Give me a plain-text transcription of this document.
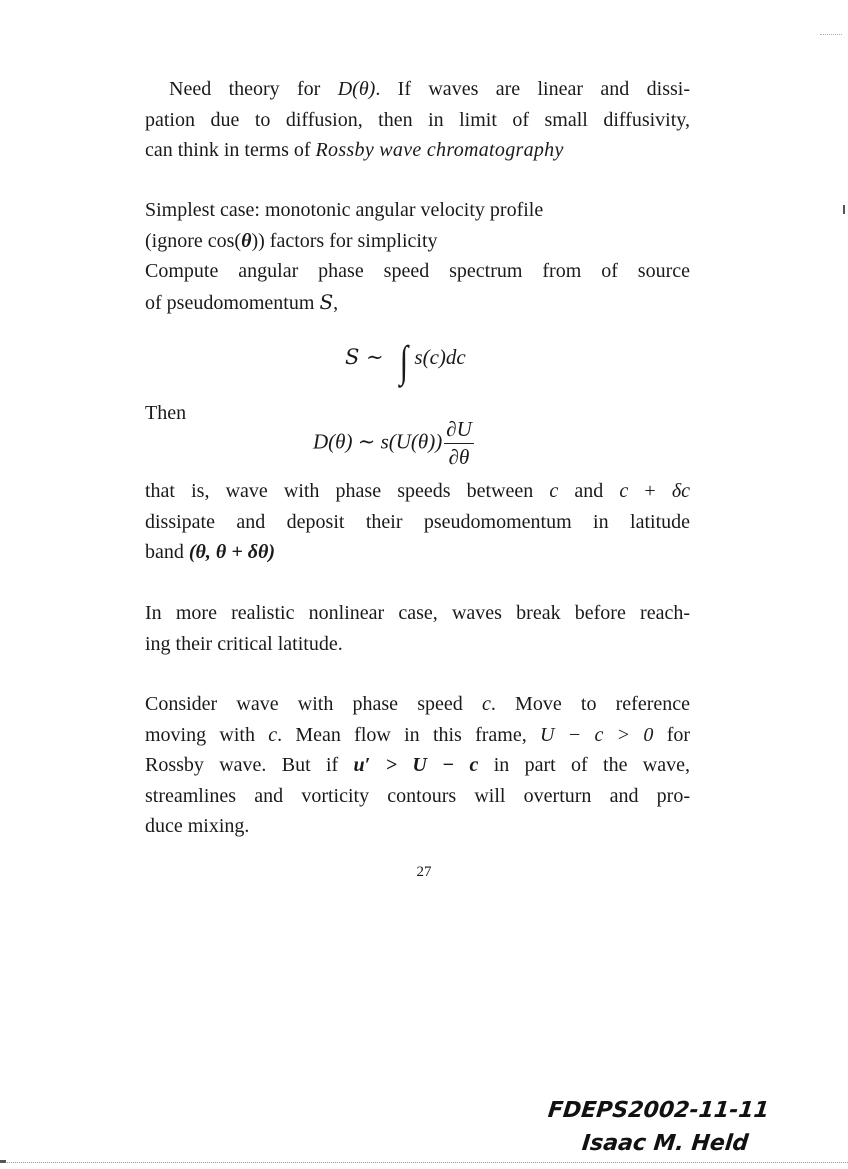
Need theory for D(θ). If waves are linear and dissi-
pation due to diffusion, then in limit of small diffusivity,
can think in terms of Rossby wave chromatography
Simplest case: monotonic angular velocity profile
(ignore cos(θ)) factors for simplicity
Compute angular phase speed spectrum from of source
of pseudomomentum S,
S ∼ ∫ s(c)dc
Then
D(θ) ∼ $s(U(\theta)) \frac{\partial U}{\partial\theta}$
that is, wave with phase speeds between c and c + δc
dissipate and deposit their pseudomomentum in latitude
band (θ, θ + δθ)
In more realistic nonlinear case, waves break before reach-
ing their critical latitude.
Consider wave with phase speed c. Move to reference
moving with c. Mean flow in this frame, U − c > 0 for
Rossby wave. But if u′ > U − c in part of the wave,
streamlines and vorticity contours will overturn and pro-
duce mixing.
27
FDEPS2002-11-11
Isaac M. Held
